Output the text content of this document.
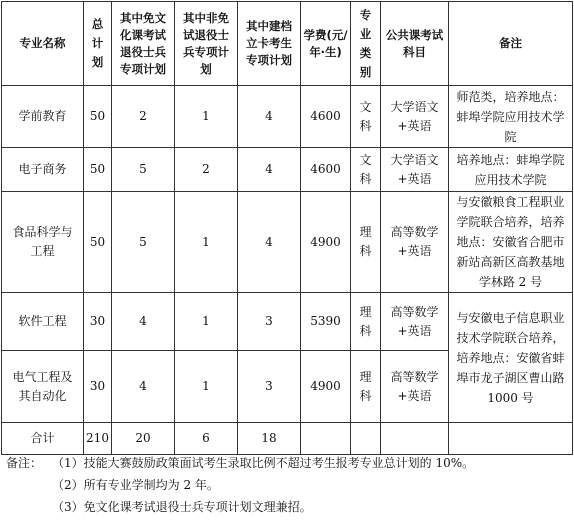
专业名称	总计划	其中免文化课考试退役士兵专项计划	其中非免试退役士兵专项计划	其中建档立卡考生专项计划	学费(元/年·生)	专业类别	公共课考试科目	备注
学前教育	50	2	1	4	4600	文科	大学语文+英语	师范类，培养地点：蚌埠学院应用技术学院
电子商务	50	5	2	4	4600	文科	大学语文+英语	培养地点：蚌埠学院应用技术学院
食品科学与工程	50	5	1	4	4900	理科	高等数学+英语	与安徽粮食工程职业学院联合培养，培养地点：安徽省合肥市新站高新区高教基地学林路 2 号
软件工程	30	4	1	3	5390	理科	高等数学+英语	与安徽电子信息职业技术学院联合培养，培养地点：安徽省蚌埠市龙子湖区曹山路 1000 号
电气工程及其自动化	30	4	1	3	4900	理科	高等数学+英语	
合计	210	20	6	18				
备注： （1）技能大赛鼓励政策面试考生录取比例不超过考生报考专业总计划的 10%。
（2）所有专业学制均为 2 年。
（3）免文化课考试退役士兵专项计划文理兼招。
